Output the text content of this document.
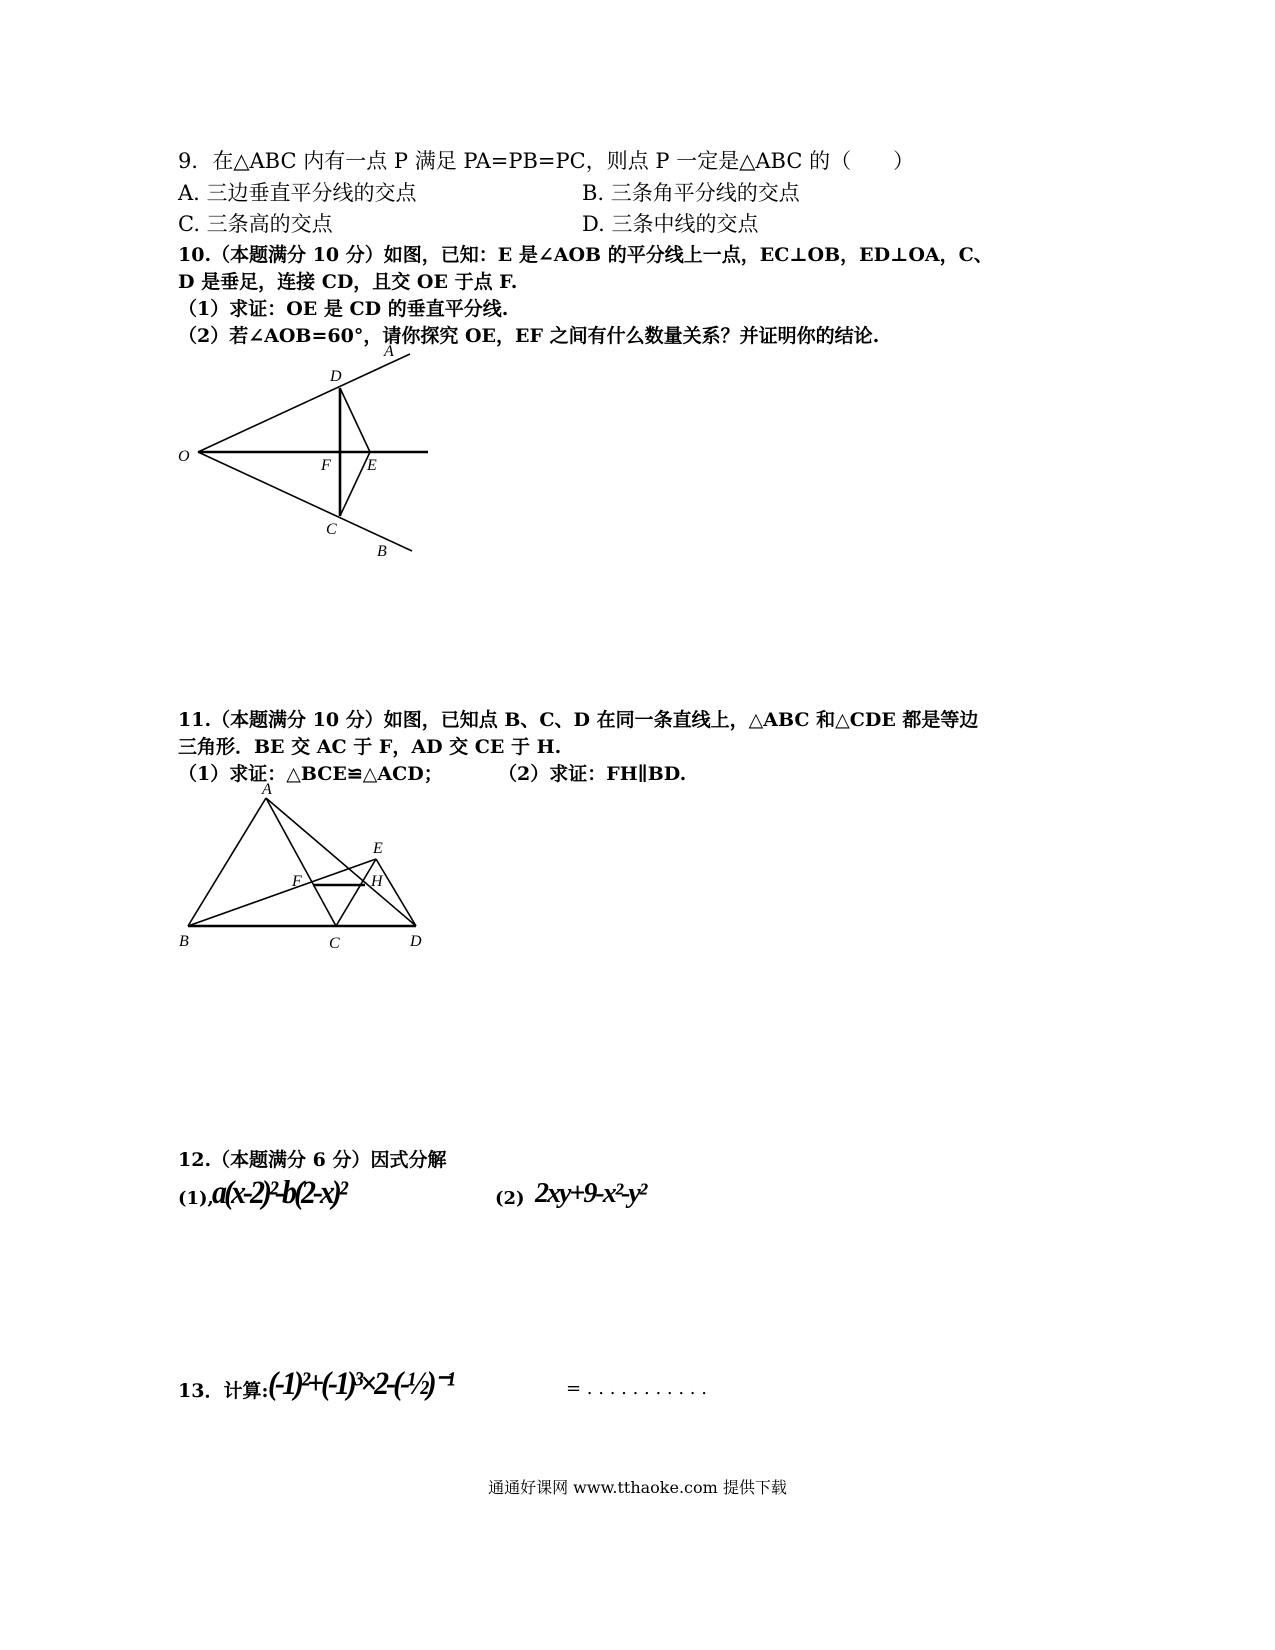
9．在△ABC 内有一点 P 满足 PA=PB=PC，则点 P 一定是△ABC 的（　　）
A. 三边垂直平分线的交点	B. 三条角平分线的交点
C. 三条高的交点	D. 三条中线的交点
10.（本题满分 10 分）如图，已知：E 是∠AOB 的平分线上一点，EC⊥OB，ED⊥OA，C、
D 是垂足，连接 CD，且交 OE 于点 F.
（1）求证：OE 是 CD 的垂直平分线.
（2）若∠AOB=60°，请你探究 OE，EF 之间有什么数量关系？并证明你的结论.
A
D
O
F E
C
B
11.（本题满分 10 分）如图，已知点 B、C、D 在同一条直线上，△ABC 和△CDE 都是等边
三角形．BE 交 AC 于 F，AD 交 CE 于 H.
（1）求证：△BCE≌△ACD；	（2）求证：FH∥BD.
A
E
F	H
B	C	D
12.（本题满分 6 分）因式分解
(1),
a(x-2)²-b(2-x)²	(2) 2xy+9-x²-y²
13．计算: (-1)²+(-1)³×2-(-½)⁻¹	= . . . . . . . . . . .
通通好课网 www.tthaoke.com 提供下载
